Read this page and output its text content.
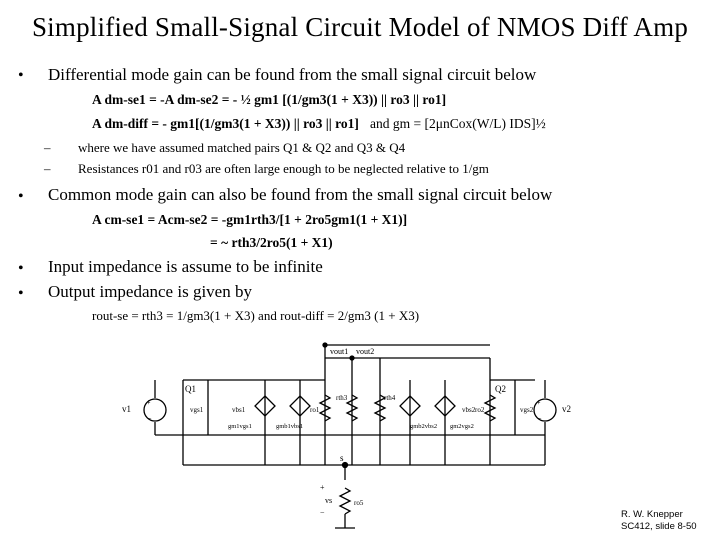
Simplified Small-Signal Circuit Model of NMOS Diff Amp
• Differential mode gain can be found from the small signal circuit below
A dm-se1 = -A dm-se2 = - ½ gm1 [(1/gm3(1 + X3)) || ro3 || ro1]
A dm-diff = - gm1[(1/gm3(1 + X3)) || ro3 || ro1] and gm = [2μnCox(W/L) IDS]½
– where we have assumed matched pairs Q1 & Q2 and Q3 & Q4
– Resistances r01 and r03 are often large enough to be neglected relative to 1/gm
• Common mode gain can also be found from the small signal circuit below
A cm-se1 = Acm-se2 = -gm1rth3/[1 + 2ro5gm1(1 + X1)]
= ~ rth3/2ro5(1 + X1)
• Input impedance is assume to be infinite
• Output impedance is given by
rout-se = rth3 = 1/gm3(1 + X3) and rout-diff = 2/gm3 (1 + X3)
vout1 vout2
Q1	Q2
v1	v2
vgs1	vgs2
vbs1	vbs2
gm1vgs1	gmb1vbs1	gmb2vbs2 gm2vgs2
ro1	ro2
rth3	rth4
s
vs	ro5
+
−
+
−
+
−	R. W. Knepper
SC412, slide 8-50
